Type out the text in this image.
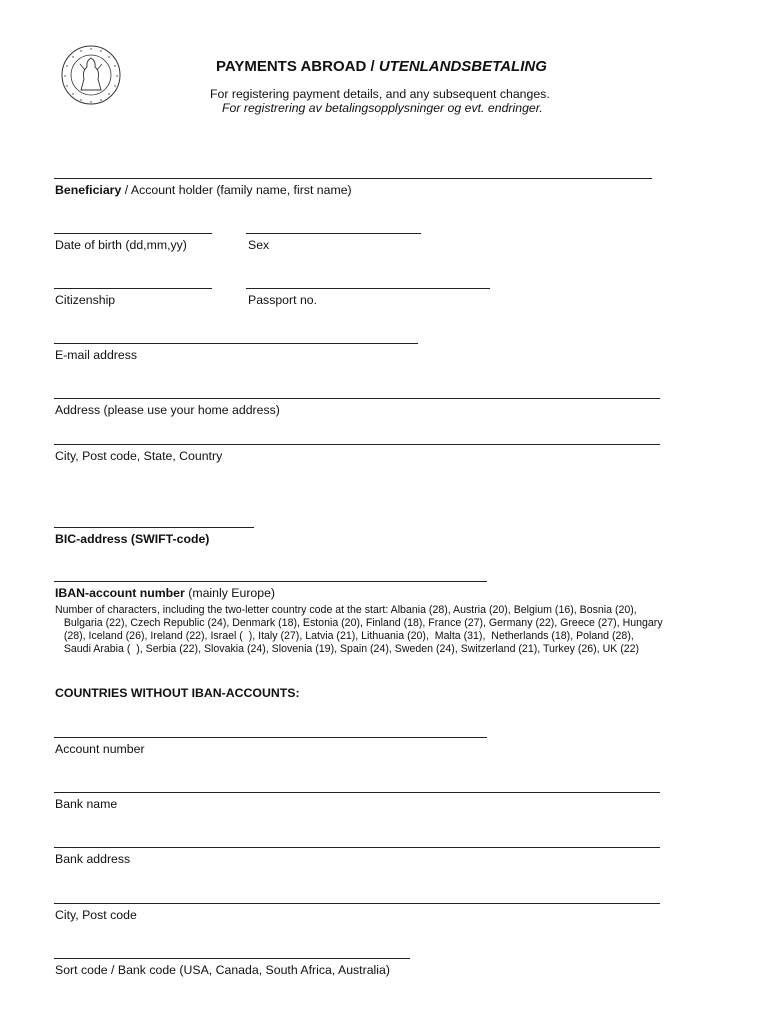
PAYMENTS ABROAD / UTENLANDSBETALING
For registering payment details, and any subsequent changes.
For registrering av betalingsopplysninger og evt. endringer.
Beneficiary / Account holder (family name, first name)
Date of birth (dd,mm,yy)	Sex
Citizenship	Passport no.
E-mail address
Address (please use your home address)
City, Post code, State, Country
BIC-address (SWIFT-code)
IBAN-account number (mainly Europe)
Number of characters, including the two-letter country code at the start: Albania (28), Austria (20), Belgium (16), Bosnia (20),
Bulgaria (22), Czech Republic (24), Denmark (18), Estonia (20), Finland (18), France (27), Germany (22), Greece (27), Hungary
(28), Iceland (26), Ireland (22), Israel (  ), Italy (27), Latvia (21), Lithuania (20),  Malta (31),  Netherlands (18), Poland (28),
Saudi Arabia (  ), Serbia (22), Slovakia (24), Slovenia (19), Spain (24), Sweden (24), Switzerland (21), Turkey (26), UK (22)
COUNTRIES WITHOUT IBAN-ACCOUNTS:
Account number
Bank name
Bank address
City, Post code
Sort code / Bank code (USA, Canada, South Africa, Australia)
